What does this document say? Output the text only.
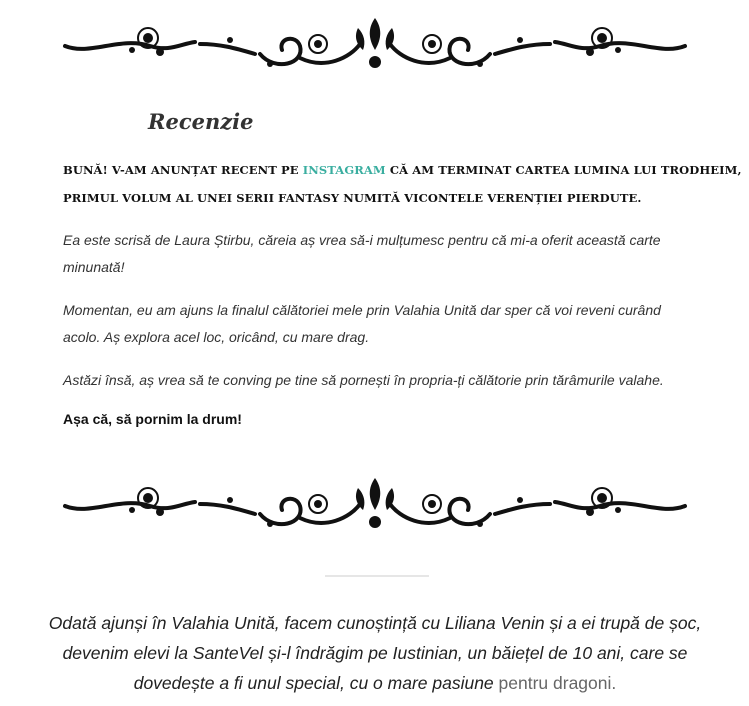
Recenzie

BUNĂ! V-AM ANUNȚAT RECENT PE INSTAGRAM CĂ AM TERMINAT CARTEA LUMINA LUI TRODHEIM,

PRIMUL VOLUM AL UNEI SERII FANTASY NUMITĂ VICONTELE VERENȚIEI PIERDUTE.

Ea este scrisă de Laura Știrbu, căreia aș vrea să-i mulțumesc pentru că mi-a oferit această carte minunată!

Momentan, eu am ajuns la finalul călătoriei mele prin Valahia Unită dar sper că voi reveni curând acolo. Aș explora acel loc, oricând, cu mare drag.

Astăzi însă, aș vrea să te conving pe tine să pornești în propria-ți călătorie prin tărâmurile valahe.

Așa că, să pornim la drum!

Odată ajunși în Valahia Unită, facem cunoștință cu Liliana Venin și a ei trupă de șoc, devenim elevi la SanteVel și-l îndrăgim pe Iustinian, un băiețel de 10 ani, care se dovedește a fi unul special, cu o mare pasiune pentru dragoni.
